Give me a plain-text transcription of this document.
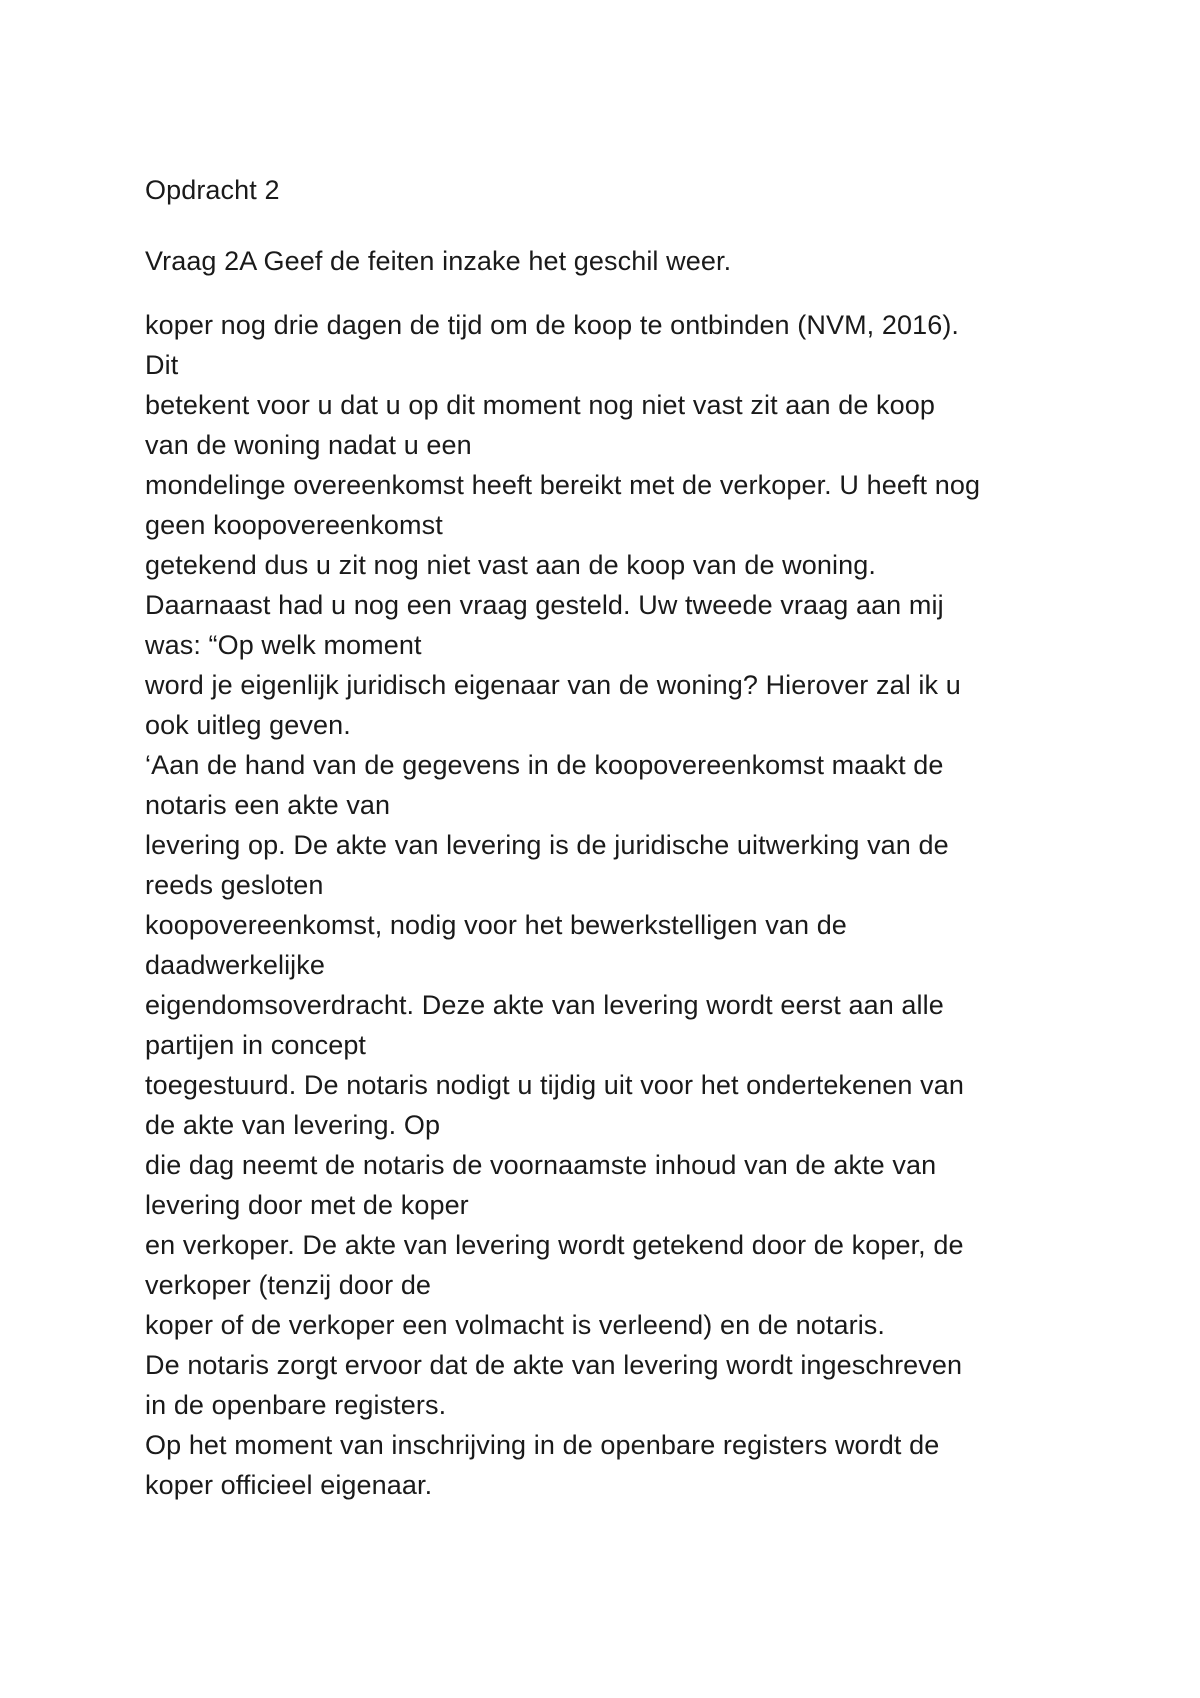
Opdracht 2
Vraag 2A Geef de feiten inzake het geschil weer.
koper nog drie dagen de tijd om de koop te ontbinden (NVM, 2016).
Dit
betekent voor u dat u op dit moment nog niet vast zit aan de koop
van de woning nadat u een
mondelinge overeenkomst heeft bereikt met de verkoper. U heeft nog
geen koopovereenkomst
getekend dus u zit nog niet vast aan de koop van de woning.
Daarnaast had u nog een vraag gesteld. Uw tweede vraag aan mij
was: “Op welk moment
word je eigenlijk juridisch eigenaar van de woning? Hierover zal ik u
ook uitleg geven.
‘Aan de hand van de gegevens in de koopovereenkomst maakt de
notaris een akte van
levering op. De akte van levering is de juridische uitwerking van de
reeds gesloten
koopovereenkomst, nodig voor het bewerkstelligen van de
daadwerkelijke
eigendomsoverdracht. Deze akte van levering wordt eerst aan alle
partijen in concept
toegestuurd. De notaris nodigt u tijdig uit voor het ondertekenen van
de akte van levering. Op
die dag neemt de notaris de voornaamste inhoud van de akte van
levering door met de koper
en verkoper. De akte van levering wordt getekend door de koper, de
verkoper (tenzij door de
koper of de verkoper een volmacht is verleend) en de notaris.
De notaris zorgt ervoor dat de akte van levering wordt ingeschreven
in de openbare registers.
Op het moment van inschrijving in de openbare registers wordt de
koper officieel eigenaar.
